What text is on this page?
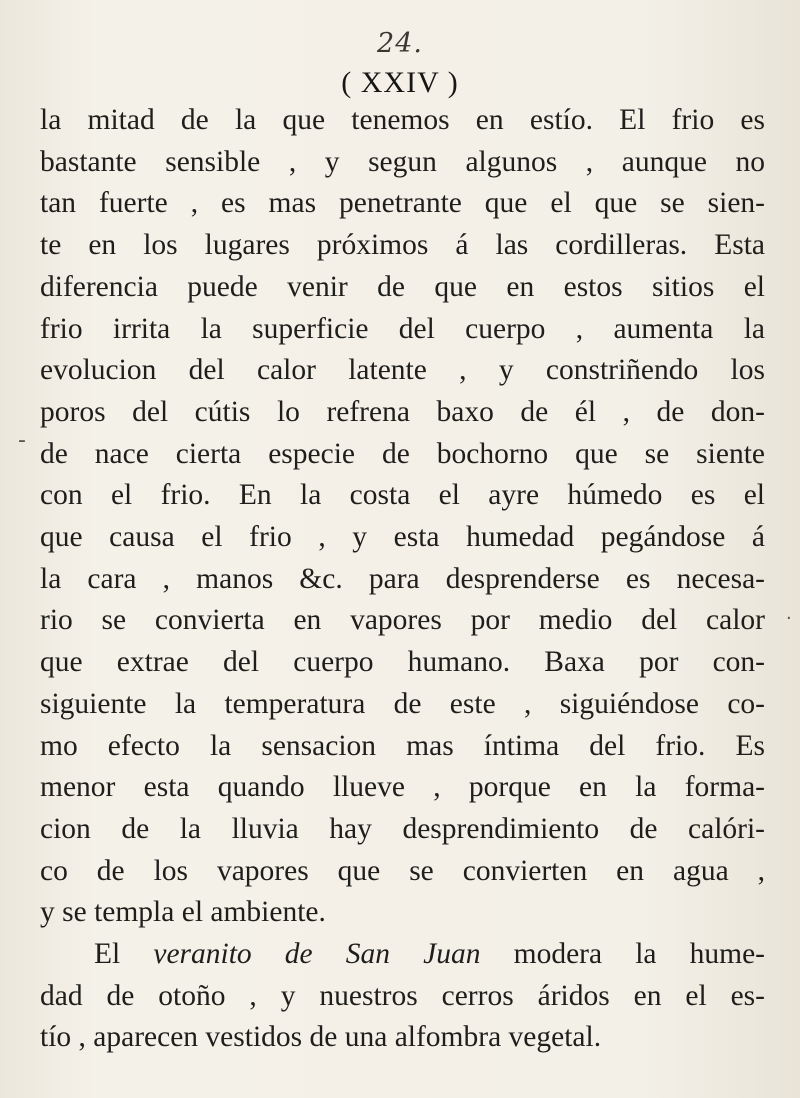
24.
( XXIV )
la mitad de la que tenemos en estío. El frio es
bastante sensible , y segun algunos , aunque no
tan fuerte , es mas penetrante que el que se sien-
te en los lugares próximos á las cordilleras. Esta
diferencia puede venir de que en estos sitios el
frio irrita la superficie del cuerpo , aumenta la
evolucion del calor latente , y constriñendo los
poros del cútis lo refrena baxo de él , de don-
de nace cierta especie de bochorno que se siente
con el frio. En la costa el ayre húmedo es el
que causa el frio , y esta humedad pegándose á
la cara , manos &c. para desprenderse es necesa-
rio se convierta en vapores por medio del calor
que extrae del cuerpo humano. Baxa por con-
siguiente la temperatura de este , siguiéndose co-
mo efecto la sensacion mas íntima del frio. Es
menor esta quando llueve , porque en la forma-
cion de la lluvia hay desprendimiento de calóri-
co de los vapores que se convierten en agua ,
y se templa el ambiente.
El veranito de San Juan modera la hume-
dad de otoño , y nuestros cerros áridos en el es-
tío , aparecen vestidos de una alfombra vegetal.
-
·
